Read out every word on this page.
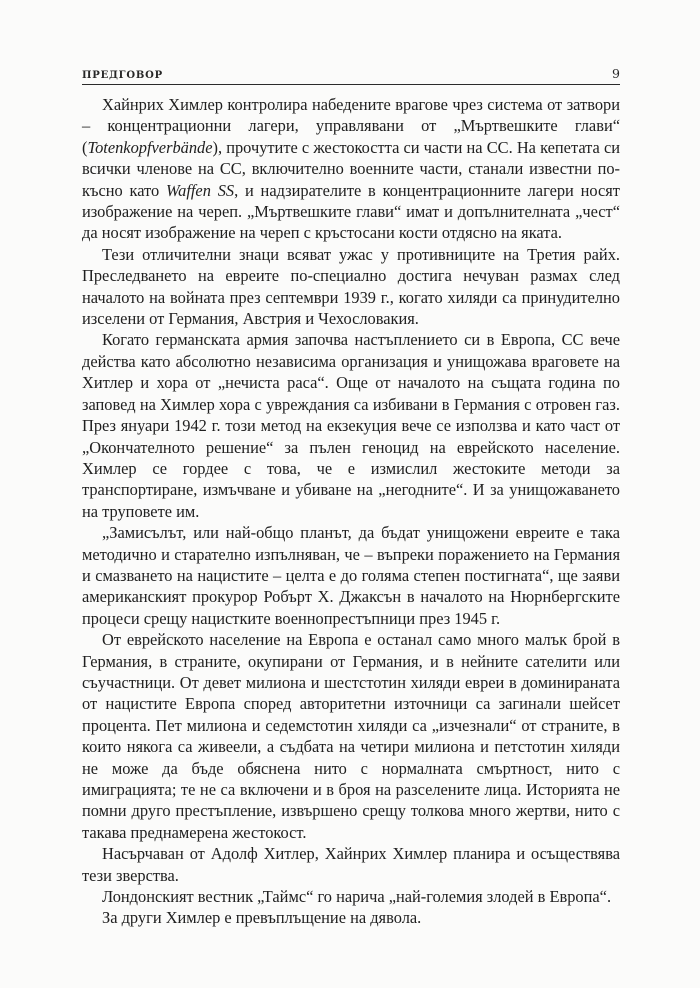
ПРЕДГОВОР	9

Хайнрих Химлер контролира набедените врагове чрез система от затвори – концентрационни лагери, управлявани от „Мъртвешките глави“ (Totenkopfverbände), прочутите с жестокостта си части на СС. На кепетата си всички членове на СС, включително военните части, станали известни по-късно като Waffen SS, и надзирателите в концентрационните лагери носят изображение на череп. „Мъртвешките глави“ имат и допълнителната „чест“ да носят изображение на череп с кръстосани кости отдясно на яката.

Тези отличителни знаци всяват ужас у противниците на Третия райх. Преследването на евреите по-специално достига нечуван размах след началото на войната през септември 1939 г., когато хиляди са принудително изселени от Германия, Австрия и Чехословакия.

Когато германската армия започва настъплението си в Европа, СС вече действа като абсолютно независима организация и унищожава враговете на Хитлер и хора от „нечиста раса“. Още от началото на същата година по заповед на Химлер хора с увреждания са избивани в Германия с отровен газ. През януари 1942 г. този метод на екзекуция вече се използва и като част от „Окончателното решение“ за пълен геноцид на еврейското население. Химлер се гордее с това, че е измислил жестоките методи за транспортиране, измъчване и убиване на „негодните“. И за унищожаването на труповете им.

„Замисълът, или най-общо планът, да бъдат унищожени евреите е така методично и старателно изпълняван, че – въпреки поражението на Германия и смазването на нацистите – целта е до голяма степен постигната“, ще заяви американският прокурор Робърт Х. Джаксън в началото на Нюрнбергските процеси срещу нацистките военнопрестъпници през 1945 г.

От еврейското население на Европа е останал само много малък брой в Германия, в страните, окупирани от Германия, и в нейните сателити или съучастници. От девет милиона и шестстотин хиляди евреи в доминираната от нацистите Европа според авторитетни източници са загинали шейсет процента. Пет милиона и седемстотин хиляди са „изчезнали“ от страните, в които някога са живеели, а съдбата на четири милиона и петстотин хиляди не може да бъде обяснена нито с нормалната смъртност, нито с имиграцията; те не са включени и в броя на разселените лица. Историята не помни друго престъпление, извършено срещу толкова много жертви, нито с такава преднамерена жестокост.

Насърчаван от Адолф Хитлер, Хайнрих Химлер планира и осъществява тези зверства.

Лондонският вестник „Таймс“ го нарича „най-големия злодей в Европа“.

За други Химлер е превъплъщение на дявола.
